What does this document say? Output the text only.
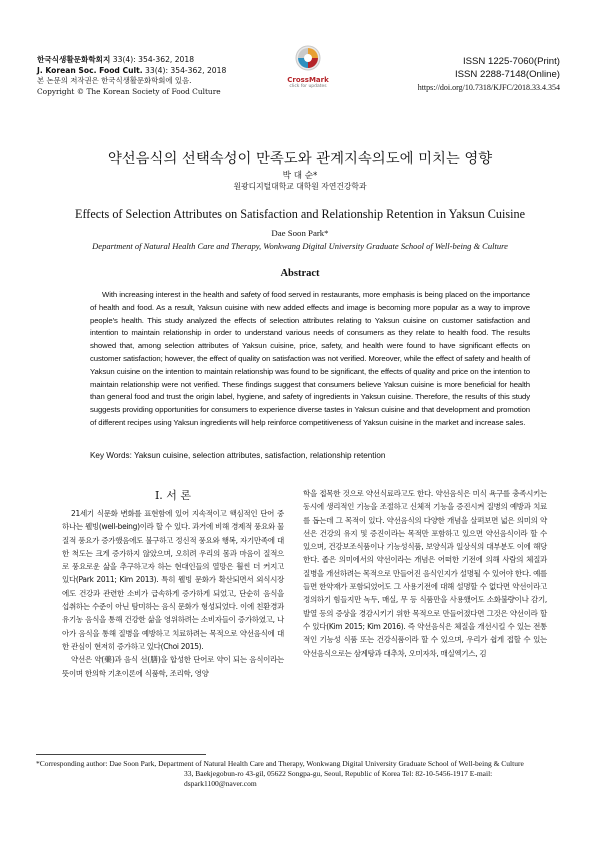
한국식생활문화학회지 33(4): 354-362, 2018
J. Korean Soc. Food Cult. 33(4): 354-362, 2018
본 논문의 저작권은 한국식생활문화학회에 있음.
Copyright © The Korean Society of Food Culture
CrossMark
click for updates
ISSN 1225-7060(Print)
ISSN 2288-7148(Online)
https://doi.org/10.7318/KJFC/2018.33.4.354
약선음식의 선택속성이 만족도와 관계지속의도에 미치는 영향
박 대 순*
원광디지털대학교 대학원 자연건강학과
Effects of Selection Attributes on Satisfaction and Relationship Retention in Yaksun Cuisine
Dae Soon Park*
Department of Natural Health Care and Therapy, Wonkwang Digital University Graduate School of Well-being & Culture
Abstract
With increasing interest in the health and safety of food served in restaurants, more emphasis is being placed on the importance of health and food. As a result, Yaksun cuisine with new added effects and image is becoming more popular as a way to improve people's health. This study analyzed the effects of selection attributes relating to Yaksun cuisine on customer satisfaction and intention to maintain relationship in order to understand various needs of consumers as they relate to health food. The results showed that, among selection attributes of Yaksun cuisine, price, safety, and health were found to have significant effects on customer satisfaction; however, the effect of quality on satisfaction was not verified. Moreover, while the effect of safety and health of Yaksun cuisine on the intention to maintain relationship was found to be significant, the effects of quality and price on the intention to maintain relationship were not verified. These findings suggest that consumers believe Yaksun cuisine is more beneficial for health than general food and trust the origin label, hygiene, and safety of ingredients in Yaksun cuisine. Therefore, the results of this study suggests providing opportunities for consumers to experience diverse tastes in Yaksun cuisine and that development and promotion of different recipes using Yaksun ingredients will help reinforce competitiveness of Yaksun cuisine in the market and increase sales.
Key Words: Yaksun cuisine, selection attributes, satisfaction, relationship retention
I. 서 론

21세기 식문화 변화를 표현함에 있어 지속적이고 핵심적인 단어 중 하나는 웰빙(well-being)이라 할 수 있다. 과거에 비해 경제적 풍요와 물질적 풍요가 증가했음에도 불구하고 정신적 풍요와 행복, 자기만족에 대한 척도는 크게 증가하지 않았으며, 오히려 우리의 몸과 마음이 질적으로 풍요로운 삶을 추구하고자 하는 현대인들의 열망은 훨씬 더 커지고 있다(Park 2011; Kim 2013). 특히 웰빙 문화가 확산되면서 외식시장에도 건강과 관련한 소비가 급속하게 증가하게 되었고, 단순히 음식을 섭취하는 수준이 아닌 탐미하는 음식 문화가 형성되었다. 이에 친환경과 유기농 음식을 통해 건강한 삶을 영위하려는 소비자들이 증가하였고, 나아가 음식을 통해 질병을 예방하고 치료하려는 목적으로 약선음식에 대한 관심이 현저히 증가하고 있다(Choi 2015).

약선은 약(藥)과 음식 선(膳)을 합성한 단어로 약이 되는 음식이라는 뜻이며 한의학 기초이론에 식품학, 조리학, 영양

학을 접목한 것으로 약선식료라고도 한다. 약선음식은 미식 욕구를 충족시키는 동시에 생리적인 기능을 조절하고 신체적 기능을 증진시켜 질병의 예방과 치료를 돕는데 그 목적이 있다. 약선음식의 다양한 개념을 살펴보면 넓은 의미의 약선은 건강의 유지 및 증진이라는 목적만 포함하고 있으면 약선음식이라 할 수 있으며, 건강보조식품이나 기능성식품, 보양식과 일상식의 대부분도 이에 해당한다. 좁은 의미에서의 약선이라는 개념은 어떠한 기전에 의해 사람의 체질과 질병을 개선하려는 목적으로 만들어진 음식인지가 설명될 수 있어야 한다. 예를 들면 한약재가 포함되었어도 그 사용기전에 대해 설명할 수 없다면 약선이라고 정의하기 힘들지만 녹두, 매실, 무 등 식품만을 사용했어도 소화불량이나 감기, 발열 등의 증상을 경감시키기 위한 목적으로 만들어졌다면 그것은 약선이라 할 수 있다(Kim 2015; Kim 2016). 즉 약선음식은 체질을 개선시킬 수 있는 전통적인 기능성 식품 또는 건강식품이라 할 수 있으며, 우리가 쉽게 접할 수 있는 약선음식으로는 삼계탕과 대추차, 오미자차, 매실엑기스, 김

*Corresponding author: Dae Soon Park, Department of Natural Health Care and Therapy, Wonkwang Digital University Graduate School of Well-being & Culture
33, Baekjegobun-ro 43-gil, 05622 Songpa-gu, Seoul, Republic of Korea Tel: 82-10-5456-1917 E-mail: dspark1100@naver.com
